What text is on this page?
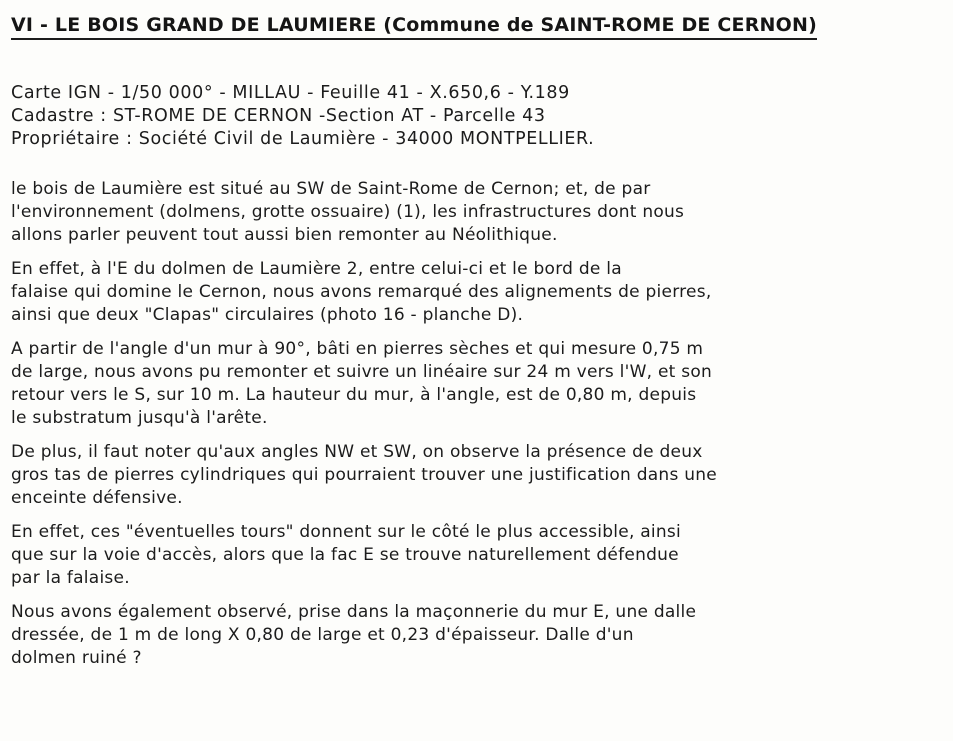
VI - LE BOIS GRAND DE LAUMIERE (Commune de SAINT-ROME DE CERNON)
Carte IGN - 1/50 000° - MILLAU - Feuille 41 - X.650,6 - Y.189
Cadastre : ST-ROME DE CERNON -Section AT - Parcelle 43
Propriétaire : Société Civil de Laumière - 34000 MONTPELLIER.

le bois de Laumière est situé au SW de Saint-Rome de Cernon; et, de par
l'environnement (dolmens, grotte ossuaire) (1), les infrastructures dont nous
allons parler peuvent tout aussi bien remonter au Néolithique.

En effet, à l'E du dolmen de Laumière 2, entre celui-ci et le bord de la
falaise qui domine le Cernon, nous avons remarqué des alignements de pierres,
ainsi que deux "Clapas" circulaires (photo 16 - planche D).

A partir de l'angle d'un mur à 90°, bâti en pierres sèches et qui mesure 0,75 m
de large, nous avons pu remonter et suivre un linéaire sur 24 m vers l'W, et son
retour vers le S, sur 10 m. La hauteur du mur, à l'angle, est de 0,80 m, depuis
le substratum jusqu'à l'arête.

De plus, il faut noter qu'aux angles NW et SW, on observe la présence de deux
gros tas de pierres cylindriques qui pourraient trouver une justification dans une
enceinte défensive.

En effet, ces "éventuelles tours" donnent sur le côté le plus accessible, ainsi
que sur la voie d'accès, alors que la fac E se trouve naturellement défendue
par la falaise.

Nous avons également observé, prise dans la maçonnerie du mur E, une dalle
dressée, de 1 m de long X 0,80 de large et 0,23 d'épaisseur. Dalle d'un
dolmen ruiné ?
